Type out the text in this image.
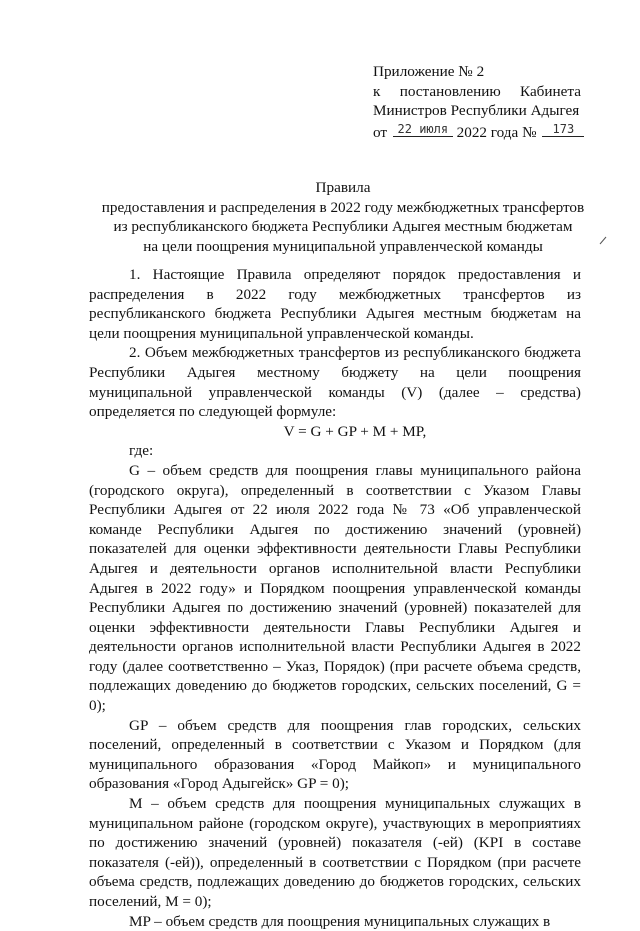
Приложение № 2
к постановлению Кабинета
Министров Республики Адыгея
от 22 июля 2022 года №	173
Правила
предоставления и распределения в 2022 году межбюджетных трансфертов
из республиканского бюджета Республики Адыгея местным бюджетам
на цели поощрения муниципальной управленческой команды

1. Настоящие Правила определяют порядок предоставления и распределения в 2022 году межбюджетных трансфертов из республиканского бюджета Республики Адыгея местным бюджетам на цели поощрения муниципальной управленческой команды.

2. Объем межбюджетных трансфертов из республиканского бюджета Республики Адыгея местному бюджету на цели поощрения муниципальной управленческой команды (V) (далее – средства) определяется по следующей формуле:

V = G + GP + M + MP,

где:

G – объем средств для поощрения главы муниципального района (городского округа), определенный в соответствии с Указом Главы Республики Адыгея от 22 июля 2022 года № 73 «Об управленческой команде Республики Адыгея по достижению значений (уровней) показателей для оценки эффективности деятельности Главы Республики Адыгея и деятельности органов исполнительной власти Республики Адыгея в 2022 году» и Порядком поощрения управленческой команды Республики Адыгея по достижению значений (уровней) показателей для оценки эффективности деятельности Главы Республики Адыгея и деятельности органов исполнительной власти Республики Адыгея в 2022 году (далее соответственно – Указ, Порядок) (при расчете объема средств, подлежащих доведению до бюджетов городских, сельских поселений, G = 0);

GP – объем средств для поощрения глав городских, сельских поселений, определенный в соответствии с Указом и Порядком (для муниципального образования «Город Майкоп» и муниципального образования «Город Адыгейск» GP = 0);

M – объем средств для поощрения муниципальных служащих в муниципальном районе (городском округе), участвующих в мероприятиях по достижению значений (уровней) показателя (-ей) (KPI в составе показателя (-ей)), определенный в соответствии с Порядком (при расчете объема средств, подлежащих доведению до бюджетов городских, сельских поселений, M = 0);

MP – объем средств для поощрения муниципальных служащих в
